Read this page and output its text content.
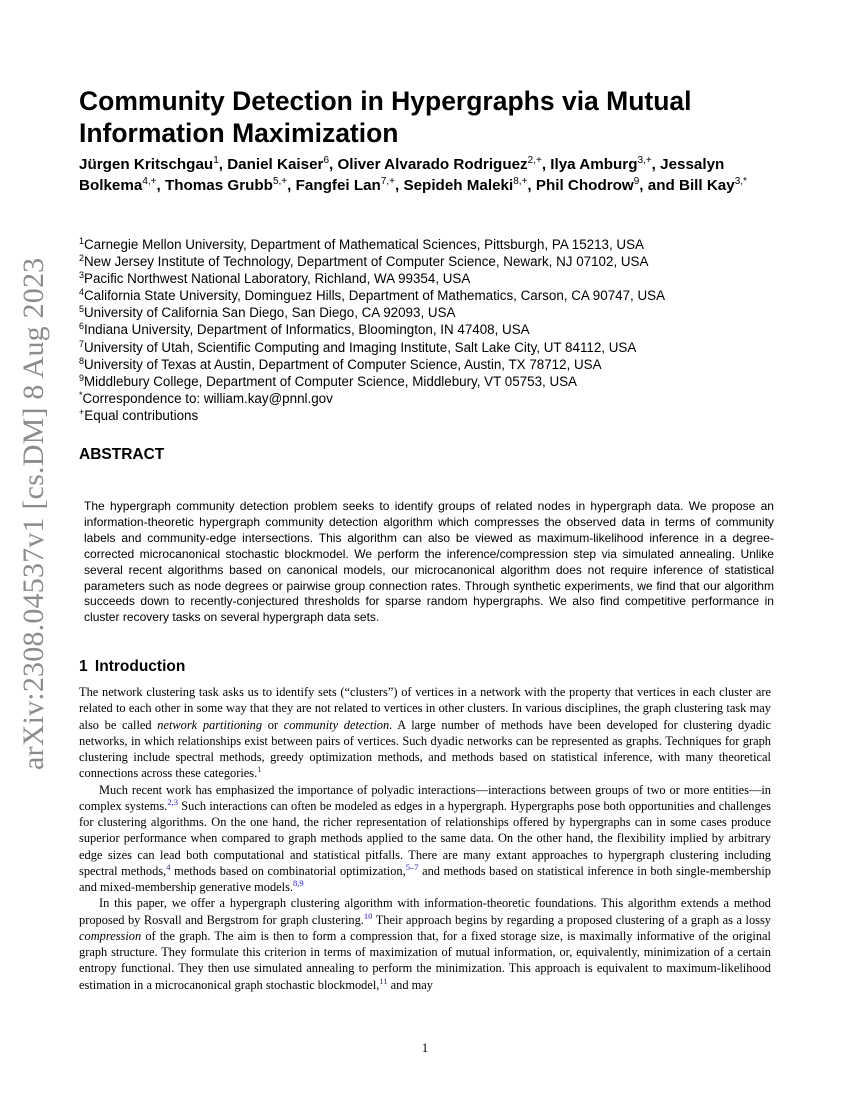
arXiv:2308.04537v1 [cs.DM] 8 Aug 2023
Community Detection in Hypergraphs via Mutual Information Maximization
Jürgen Kritschgau$^1$, Daniel Kaiser$^6$, Oliver Alvarado Rodriguez$^{2,+}$, Ilya Amburg$^{3,+}$, Jessalyn Bolkema$^{4,+}$, Thomas Grubb$^{5,+}$, Fangfei Lan$^{7,+}$, Sepideh Maleki$^{8,+}$, Phil Chodrow$^9$, and Bill Kay$^{3,*}$
$^1$Carnegie Mellon University, Department of Mathematical Sciences, Pittsburgh, PA 15213, USA
$^2$New Jersey Institute of Technology, Department of Computer Science, Newark, NJ 07102, USA
$^3$Pacific Northwest National Laboratory, Richland, WA 99354, USA
$^4$California State University, Dominguez Hills, Department of Mathematics, Carson, CA 90747, USA
$^5$University of California San Diego, San Diego, CA 92093, USA
$^6$Indiana University, Department of Informatics, Bloomington, IN 47408, USA
$^7$University of Utah, Scientific Computing and Imaging Institute, Salt Lake City, UT 84112, USA
$^8$University of Texas at Austin, Department of Computer Science, Austin, TX 78712, USA
$^9$Middlebury College, Department of Computer Science, Middlebury, VT 05753, USA
*Correspondence to: william.kay@pnnl.gov
+Equal contributions
ABSTRACT
The hypergraph community detection problem seeks to identify groups of related nodes in hypergraph data. We propose an information-theoretic hypergraph community detection algorithm which compresses the observed data in terms of community labels and community-edge intersections. This algorithm can also be viewed as maximum-likelihood inference in a degree-corrected microcanonical stochastic blockmodel. We perform the inference/compression step via simulated annealing. Unlike several recent algorithms based on canonical models, our microcanonical algorithm does not require inference of statistical parameters such as node degrees or pairwise group connection rates. Through synthetic experiments, we find that our algorithm succeeds down to recently-conjectured thresholds for sparse random hypergraphs. We also find competitive performance in cluster recovery tasks on several hypergraph data sets.
1 Introduction

The network clustering task asks us to identify sets (“clusters”) of vertices in a network with the property that vertices in each cluster are related to each other in some way that they are not related to vertices in other clusters. In various disciplines, the graph clustering task may also be called network partitioning or community detection. A large number of methods have been developed for clustering dyadic networks, in which relationships exist between pairs of vertices. Such dyadic networks can be represented as graphs. Techniques for graph clustering include spectral methods, greedy optimization methods, and methods based on statistical inference, with many theoretical connections across these categories.$^1$

Much recent work has emphasized the importance of polyadic interactions—interactions between groups of two or more entities—in complex systems.$^{2,3}$ Such interactions can often be modeled as edges in a hypergraph. Hypergraphs pose both opportunities and challenges for clustering algorithms. On the one hand, the richer representation of relationships offered by hypergraphs can in some cases produce superior performance when compared to graph methods applied to the same data. On the other hand, the flexibility implied by arbitrary edge sizes can lead both computational and statistical pitfalls. There are many extant approaches to hypergraph clustering including spectral methods,$^4$ methods based on combinatorial optimization,$^{5-7}$ and methods based on statistical inference in both single-membership and mixed-membership generative models.$^{8,9}$

In this paper, we offer a hypergraph clustering algorithm with information-theoretic foundations. This algorithm extends a method proposed by Rosvall and Bergstrom for graph clustering.$^{10}$ Their approach begins by regarding a proposed clustering of a graph as a lossy compression of the graph. The aim is then to form a compression that, for a fixed storage size, is maximally informative of the original graph structure. They formulate this criterion in terms of maximization of mutual information, or, equivalently, minimization of a certain entropy functional. They then use simulated annealing to perform the minimization. This approach is equivalent to maximum-likelihood estimation in a microcanonical graph stochastic blockmodel,$^{11}$ and may

1
